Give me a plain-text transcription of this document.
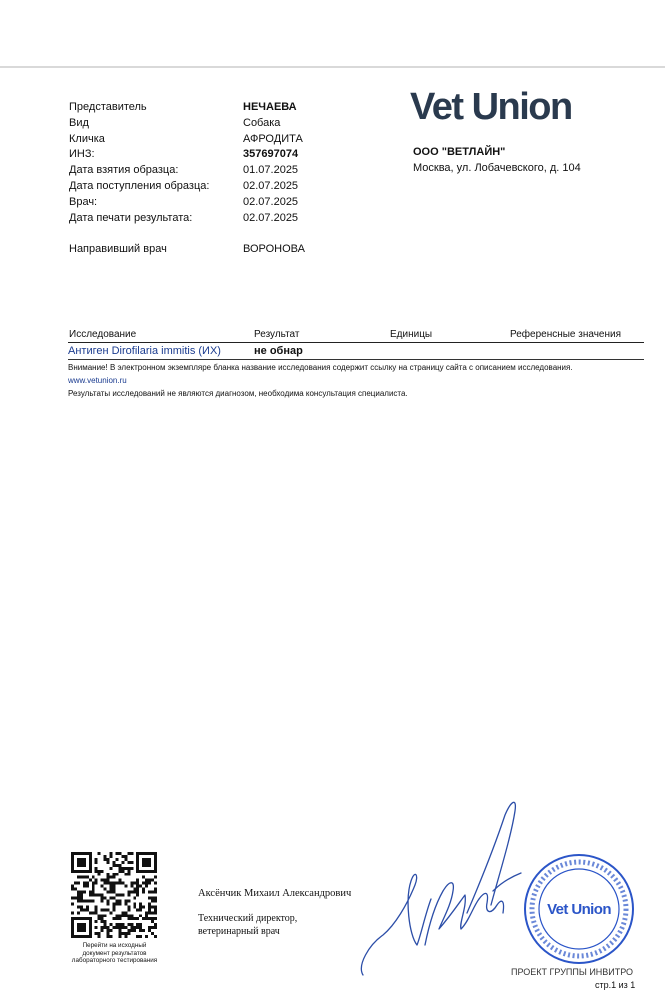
Представитель	НЕЧАЕВА
Вид	Собака
Кличка	АФРОДИТА
ИНЗ:	357697074
Дата взятия образца:	01.07.2025
Дата поступления образца:	02.07.2025
Врач:	02.07.2025
Дата печати результата:	02.07.2025
Направивший врач	ВОРОНОВА
Vet Union
ООО "ВЕТЛАЙН"
Москва, ул. Лобачевского, д. 104
Исследование	Результат	Единицы	Референсные значения
Антиген Dirofilaria immitis (ИХ)	не обнар
Внимание! В электронном экземпляре бланка название исследования содержит ссылку на страницу сайта с описанием исследования.
www.vetunion.ru
Результаты исследований не являются диагнозом, необходима консультация специалиста.
Перейти на исходный
документ результатов
лабораторного тестирования
Аксёнчик Михаил Александрович
Технический директор,
ветеринарный врач
Vet Union
ПРОЕКТ ГРУППЫ ИНВИТРО
стр.1 из 1
